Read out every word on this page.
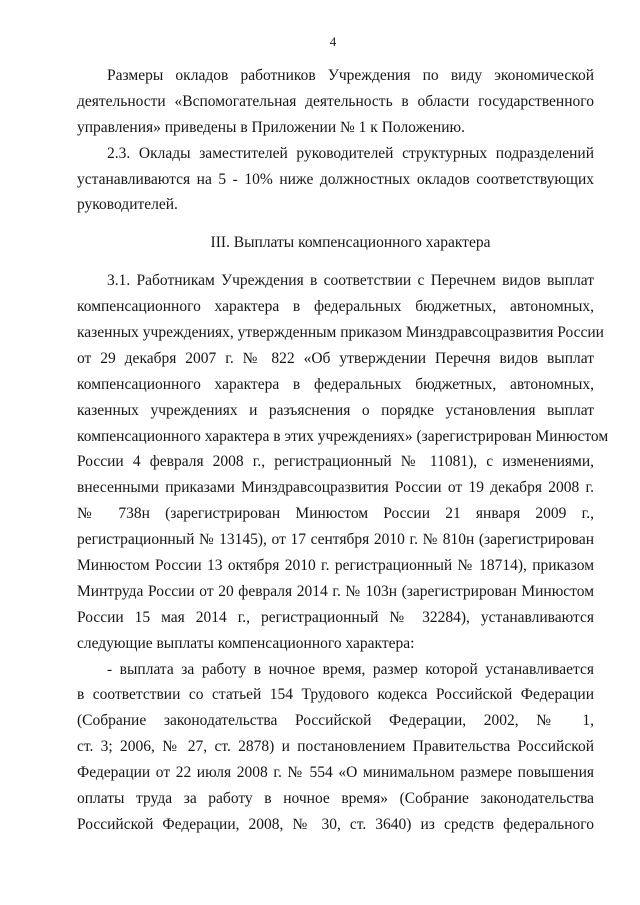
4
Размеры окладов работников Учреждения по виду экономической
деятельности «Вспомогательная деятельность в области государственного
управления» приведены в Приложении № 1 к Положению.
2.3. Оклады заместителей руководителей структурных подразделений
устанавливаются на 5 - 10% ниже должностных окладов соответствующих
руководителей.
III. Выплаты компенсационного характера
3.1. Работникам Учреждения в соответствии с Перечнем видов выплат
компенсационного характера в федеральных бюджетных, автономных,
казенных учреждениях, утвержденным приказом Минздравсоцразвития России
от 29 декабря 2007 г. № 822 «Об утверждении Перечня видов выплат
компенсационного характера в федеральных бюджетных, автономных,
казенных учреждениях и разъяснения о порядке установления выплат
компенсационного характера в этих учреждениях» (зарегистрирован Минюстом
России 4 февраля 2008 г., регистрационный № 11081), с изменениями,
внесенными приказами Минздравсоцразвития России от 19 декабря 2008 г.
№ 738н (зарегистрирован Минюстом России 21 января 2009 г.,
регистрационный № 13145), от 17 сентября 2010 г. № 810н (зарегистрирован
Минюстом России 13 октября 2010 г. регистрационный № 18714), приказом
Минтруда России от 20 февраля 2014 г. № 103н (зарегистрирован Минюстом
России 15 мая 2014 г., регистрационный № 32284), устанавливаются
следующие выплаты компенсационного характера:
- выплата за работу в ночное время, размер которой устанавливается
в соответствии со статьей 154 Трудового кодекса Российской Федерации
(Собрание законодательства Российской Федерации, 2002, № 1,
ст. 3; 2006, № 27, ст. 2878) и постановлением Правительства Российской
Федерации от 22 июля 2008 г. № 554 «О минимальном размере повышения
оплаты труда за работу в ночное время» (Собрание законодательства
Российской Федерации, 2008, № 30, ст. 3640) из средств федерального
